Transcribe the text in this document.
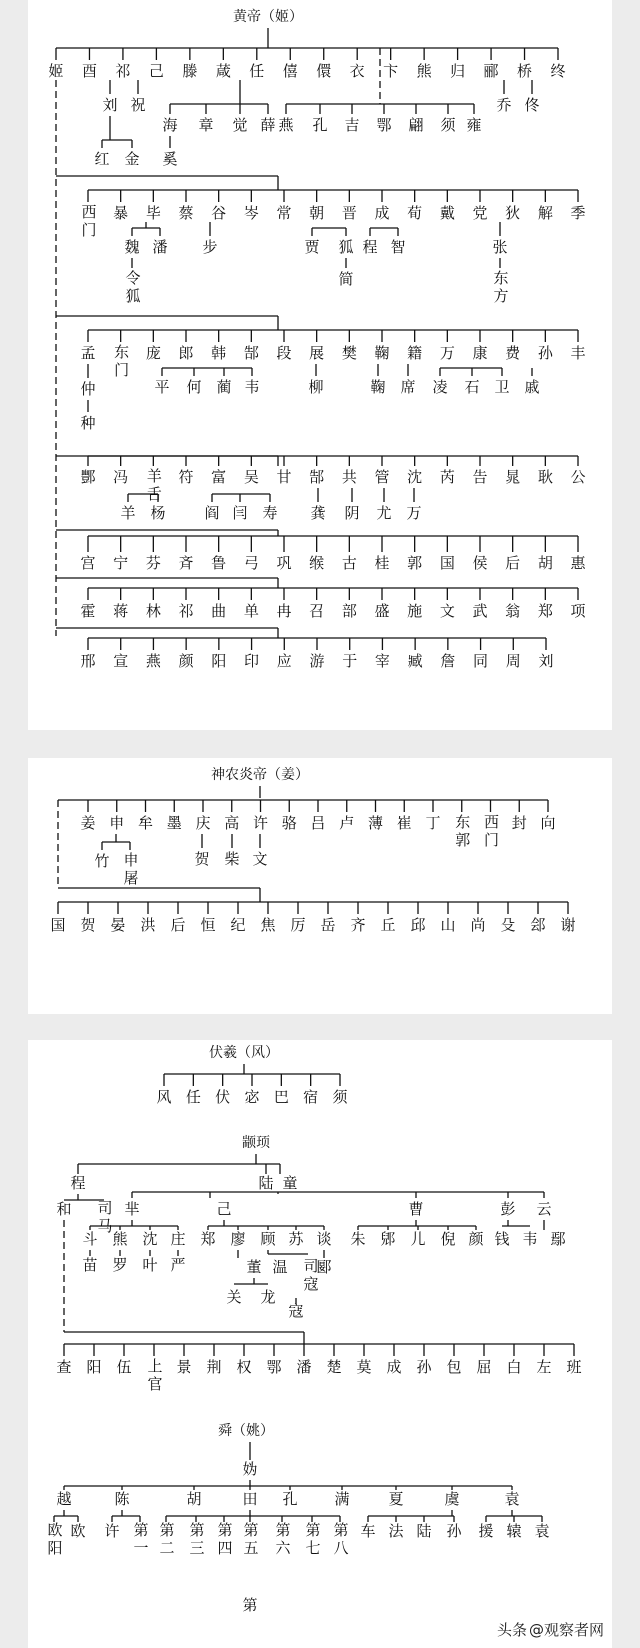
黄帝（姬）
姬 酉 祁 己 滕 葴 任 僖 儇 衣 卞 熊 归 郦 桥 终
刘 祝
海 章 觉 薛 燕 孔 吉 鄂 翩 须 雍
乔 佟
红 金 奚
西门 暴 毕 蔡 谷 岑 常 朝 晋 成 荀 戴 党 狄 解 季
魏 潘 步	贾 狐 程 智	张
令狐	简	东方
孟 东门 庞 郎 韩 郜 段 展 樊 鞠 籍 万 康 费 孙 丰
仲	平 何 蔺 韦	柳	鞠 席 凌 石 卫 戚
种
酆 冯 羊舌 符 富 吴 甘 郜 共 管 沈 芮 告 晁 耿 公
羊 杨	阎 闫 寿 龚 阴 尤 万
宫 宁 芬 斉 鲁 弓 巩 缑 古 桂 郭 国 侯 后 胡 惠
霍 蒋 林 祁 曲 单 冉 召 部 盛 施 文 武 翁 郑 项
邢 宣 燕 颜 阳 印 应 游 于 宰 臧 詹 同 周 刘
神农炎帝（姜）
姜 申 牟 墨 庆 高 许 骆 吕 卢 薄 崔 丁 东郭 西门 封 向
竹 申屠	贺 柴 文
国 贺 晏 洪 后 恒 纪 焦 厉 岳 齐 丘 邱 山 尚 殳 郐 谢
伏羲（风）
风 任 伏 宓 巴 宿 须
颛顼
程	陆 童
和 司马 芈	己	曹	彭 云
斗 熊 沈 庄
苗 罗 叶 严
郑 廖 顾 苏 谈
董 温 司寇
郾
关 龙
寇
朱 郳 儿 倪 颜 钱 韦 鄢
查 阳 伍 上官 景 荆 权 鄂 潘 楚 莫 成 孙 包 屈 白 左 班
舜（姚）
妫
越	陈	胡	田 孔 满	夏	虞	袁
欧阳 欧 许 第一 第二 第三 第四 第五 第六 第七 第八 车 法 陆 孙 援 辕 袁
第
头条 @观察者网
